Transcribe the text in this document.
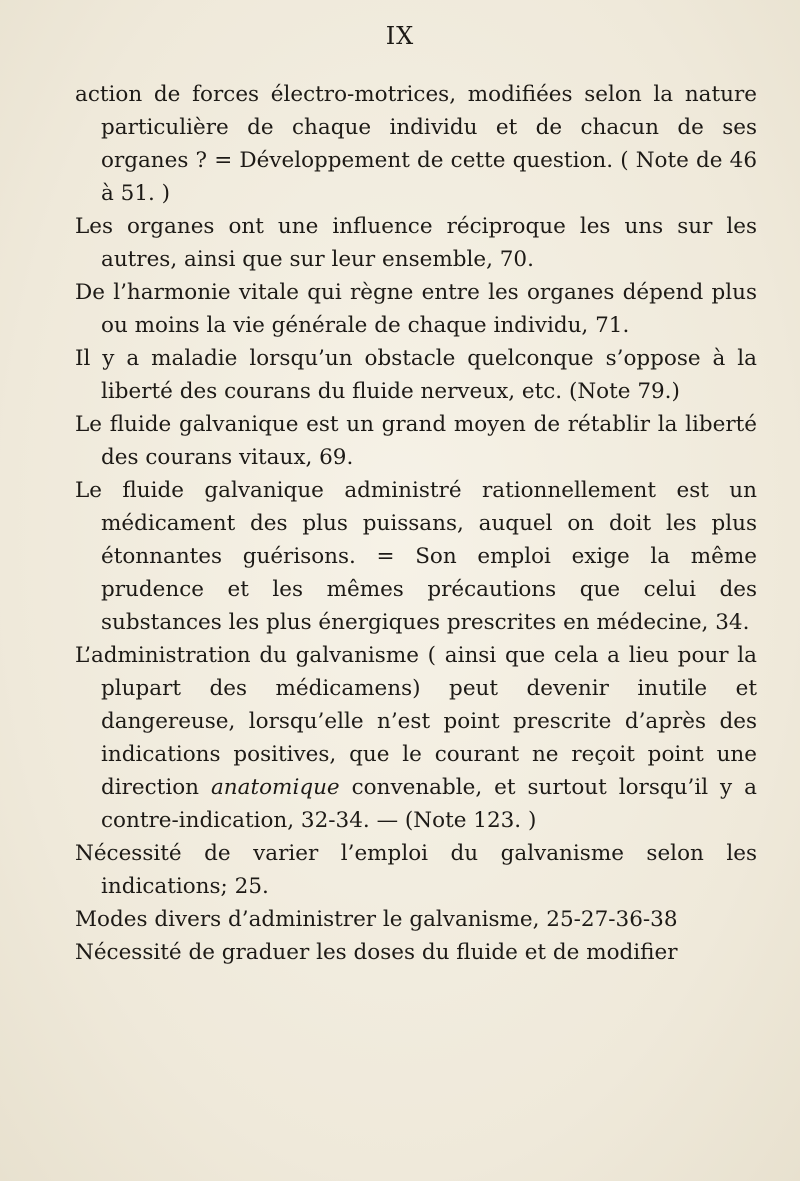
IX

action de forces électro-motrices, modifiées selon la nature particulière de chaque individu et de chacun de ses organes ? = Développement de cette question. ( Note de 46 à 51. )

Les organes ont une influence réciproque les uns sur les autres, ainsi que sur leur ensemble, 70.

De l’harmonie vitale qui règne entre les organes dépend plus ou moins la vie générale de chaque individu, 71.

Il y a maladie lorsqu’un obstacle quelconque s’oppose à la liberté des courans du fluide nerveux, etc. (Note 79.)

Le fluide galvanique est un grand moyen de rétablir la liberté des courans vitaux, 69.

Le fluide galvanique administré rationnellement est un médicament des plus puissans, auquel on doit les plus étonnantes guérisons. = Son emploi exige la même prudence et les mêmes précautions que celui des substances les plus énergiques prescrites en médecine, 34.

L’administration du galvanisme ( ainsi que cela a lieu pour la plupart des médicamens) peut devenir inutile et dangereuse, lorsqu’elle n’est point prescrite d’après des indications positives, que le courant ne reçoit point une direction anatomique convenable, et surtout lorsqu’il y a contre-indication, 32-34. — (Note 123. )

Nécessité de varier l’emploi du galvanisme selon les indications; 25.

Modes divers d’administrer le galvanisme, 25-27-36-38

Nécessité de graduer les doses du fluide et de modifier
